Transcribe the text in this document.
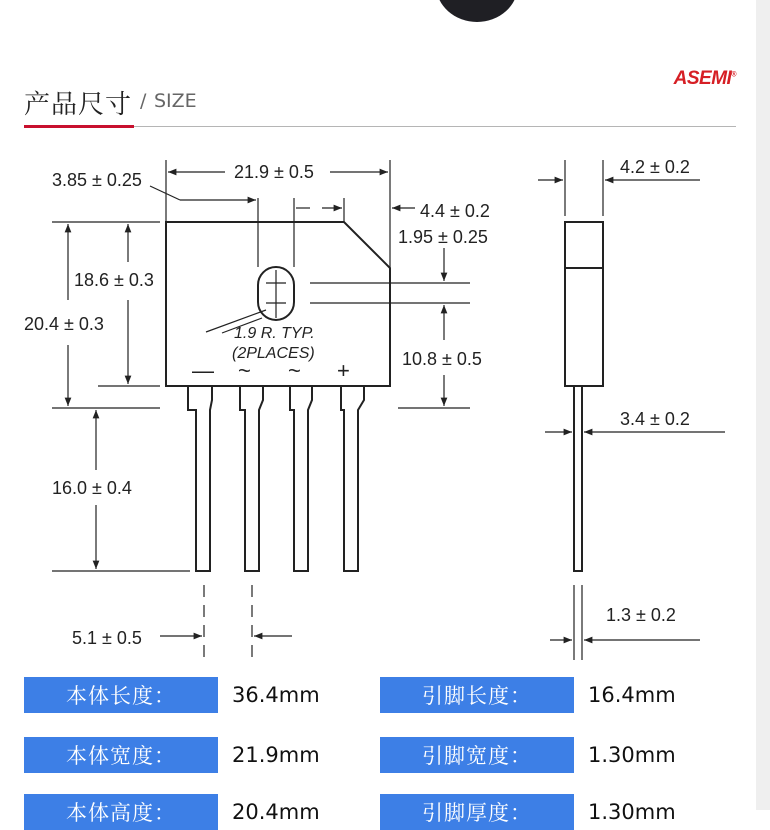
产品尺寸 / SIZE
ASEMI®
21.9 ± 0.5
3.85 ± 0.25
4.4 ± 0.2
1.95 ± 0.25
18.6 ± 0.3
20.4 ± 0.3	1.9 R. TYP.
(2PLACES)	10.8 ± 0.5
16.0 ± 0.4
5.1 ± 0.5
4.2 ± 0.2
3.4 ± 0.2
1.3 ± 0.2
— ~ ~ +
本体长度：	36.4mm	引脚长度：	16.4mm
本体宽度：	21.9mm	引脚宽度：	1.30mm
本体高度：	20.4mm	引脚厚度：	1.30mm
